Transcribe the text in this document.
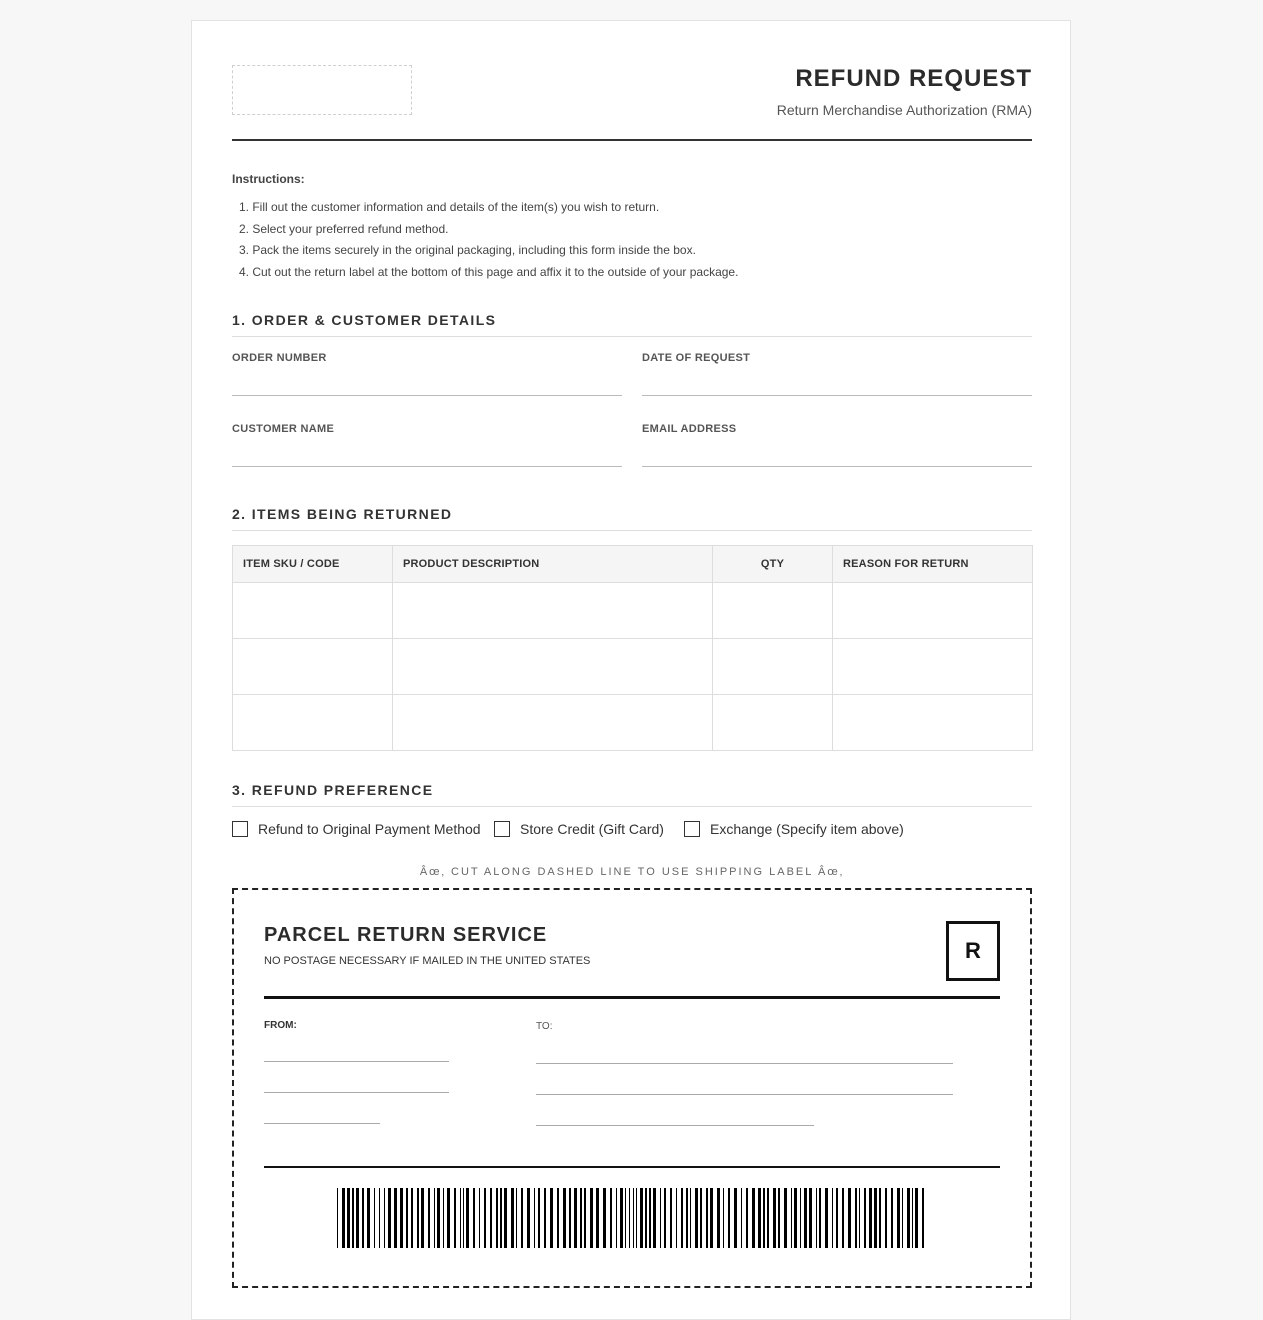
REFUND REQUEST
Return Merchandise Authorization (RMA)
Instructions:
1. Fill out the customer information and details of the item(s) you wish to return.
2. Select your preferred refund method.
3. Pack the items securely in the original packaging, including this form inside the box.
4. Cut out the return label at the bottom of this page and affix it to the outside of your package.
1. ORDER & CUSTOMER DETAILS
ORDER NUMBER	DATE OF REQUEST
CUSTOMER NAME	EMAIL ADDRESS
2. ITEMS BEING RETURNED
ITEM SKU / CODE	PRODUCT DESCRIPTION	QTY	REASON FOR RETURN

3. REFUND PREFERENCE
Refund to Original Payment Method	Store Credit (Gift Card)	Exchange (Specify item above)
Âœ‚ CUT ALONG DASHED LINE TO USE SHIPPING LABEL Âœ‚
PARCEL RETURN SERVICE
NO POSTAGE NECESSARY IF MAILED IN THE UNITED STATES	R
FROM:	TO:
